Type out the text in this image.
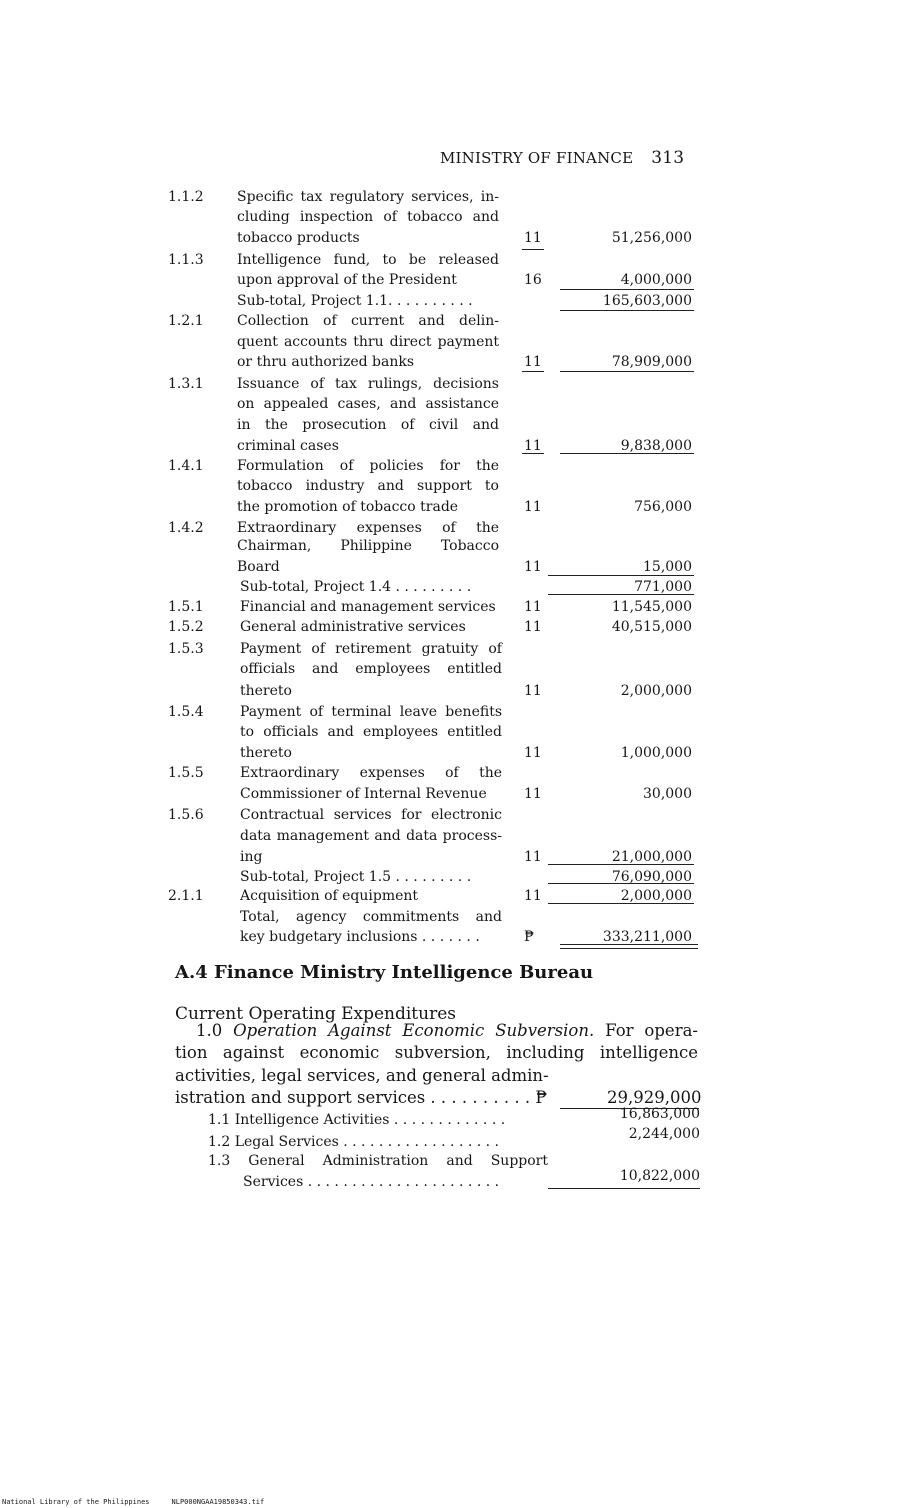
MINISTRY OF FINANCE 313
1.1.2 Specific tax regulatory services, in-
cluding inspection of tobacco and
tobacco products	11	51,256,000
1.1.3 Intelligence fund, to be released
upon approval of the President	16	4,000,000
Sub-total, Project 1.1. . . . . . . . . .	165,603,000
1.2.1 Collection of current and delin-
quent accounts thru direct payment
or thru authorized banks	11	78,909,000
1.3.1 Issuance of tax rulings, decisions
on appealed cases, and assistance
in the prosecution of civil and
criminal cases	11	9,838,000
1.4.1 Formulation of policies for the
tobacco industry and support to
the promotion of tobacco trade	11	756,000
1.4.2 Extraordinary expenses of the
Chairman, Philippine Tobacco
Board	11	15,000
Sub-total, Project 1.4 . . . . . . . . .	771,000
1.5.1	Financial and management services 11	11,545,000
1.5.2	General administrative services	11	40,515,000
1.5.3	Payment of retirement gratuity of
officials and employees entitled
thereto	11	2,000,000
1.5.4	Payment of terminal leave benefits
to officials and employees entitled
thereto	11	1,000,000
1.5.5	Extraordinary expenses of the
Commissioner of Internal Revenue	11	30,000
1.5.6	Contractual services for electronic
data management and data process-
ing	11	21,000,000
Sub-total, Project 1.5 . . . . . . . . .	76,090,000
2.1.1	Acquisition of equipment	11	2,000,000
Total, agency commitments and
key budgetary inclusions . . . . . . .	₱	333,211,000
A.4 Finance Ministry Intelligence Bureau
Current Operating Expenditures
1.0 Operation Against Economic Subversion. For opera-
tion against economic subversion, including intelligence
activities, legal services, and general admin-
istration and support services . . . . . . . . . . ₱	29,929,000
1.1 Intelligence Activities . . . . . . . . . . . . .	16,863,000
1.2 Legal Services . . . . . . . . . . . . . . . . . .	2,244,000
1.3 General Administration and Support
Services . . . . . . . . . . . . . . . . . . . . . .	10,822,000
National Library of the Philippines	NLP000NGAA19850343.tif
